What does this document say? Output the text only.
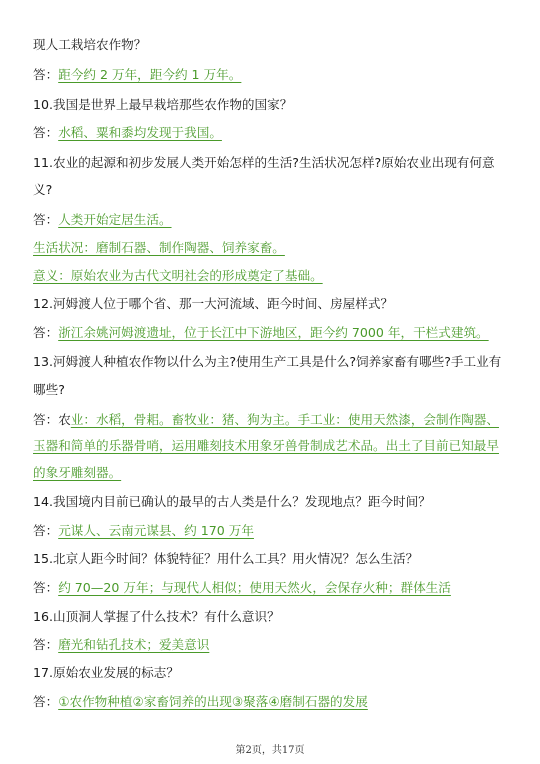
现人工栽培农作物？
答：距今约 2 万年，距今约 1 万年。
10.我国是世界上最早栽培那些农作物的国家？
答：水稻、粟和黍均发现于我国。
11.农业的起源和初步发展人类开始怎样的生活?生活状况怎样?原始农业出现有何意
义?
答：人类开始定居生活。
生活状况：磨制石器、制作陶器、饲养家畜。
意义：原始农业为古代文明社会的形成奠定了基础。
12.河姆渡人位于哪个省、那一大河流域、距今时间、房屋样式？
答：浙江余姚河姆渡遗址，位于长江中下游地区，距今约 7000 年，干栏式建筑。
13.河姆渡人种植农作物以什么为主?使用生产工具是什么?饲养家畜有哪些?手工业有
哪些?
答：农业：水稻，骨耜。畜牧业：猪、狗为主。手工业：使用天然漆，会制作陶器、
玉器和简单的乐器骨哨，运用雕刻技术用象牙兽骨制成艺术品。出土了目前已知最早
的象牙雕刻器。
14.我国境内目前已确认的最早的古人类是什么？发现地点？距今时间？
答：元谋人、云南元谋县、约 170 万年
15.北京人距今时间？体貌特征？用什么工具？用火情况？怎么生活？
答：约 70—20 万年；与现代人相似；使用天然火，会保存火种；群体生活
16.山顶洞人掌握了什么技术？有什么意识？
答：磨光和钻孔技术；爱美意识
17.原始农业发展的标志？
答：①农作物种植②家畜饲养的出现③聚落④磨制石器的发展
第2页，共17页
